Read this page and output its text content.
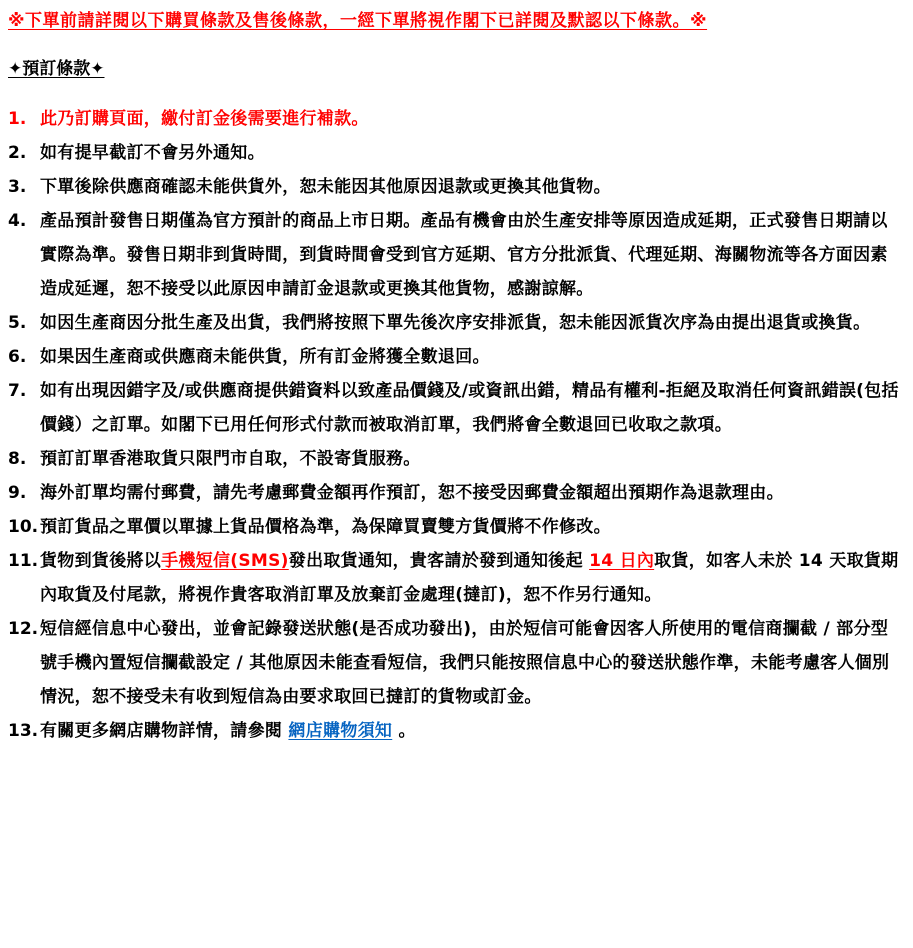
※下單前請詳閱以下購買條款及售後條款，一經下單將視作閣下已詳閱及默認以下條款。※

✦預訂條款✦

1. 此乃訂購頁面，繳付訂金後需要進行補款。
2. 如有提早截訂不會另外通知。
3. 下單後除供應商確認未能供貨外，恕未能因其他原因退款或更換其他貨物。
4. 產品預計發售日期僅為官方預計的商品上市日期。產品有機會由於生產安排等原因造成延期，正式發售日期請以實際為準。發售日期非到貨時間，到貨時間會受到官方延期、官方分批派貨、代理延期、海關物流等各方面因素造成延遲，恕不接受以此原因申請訂金退款或更換其他貨物，感謝諒解。
5. 如因生產商因分批生產及出貨，我們將按照下單先後次序安排派貨，恕未能因派貨次序為由提出退貨或換貨。
6. 如果因生產商或供應商未能供貨，所有訂金將獲全數退回。
7. 如有出現因錯字及/或供應商提供錯資料以致產品價錢及/或資訊出錯，精品有權利-拒絕及取消任何資訊錯誤(包括價錢）之訂單。如閣下已用任何形式付款而被取消訂單，我們將會全數退回已收取之款項。
8. 預訂訂單香港取貨只限門市自取，不設寄貨服務。
9. 海外訂單均需付郵費，請先考慮郵費金額再作預訂，恕不接受因郵費金額超出預期作為退款理由。
10. 預訂貨品之單價以單據上貨品價格為準，為保障買賣雙方貨價將不作修改。
11. 貨物到貨後將以手機短信(SMS)發出取貨通知，貴客請於發到通知後起 14 日內取貨，如客人未於 14 天取貨期內取貨及付尾款，將視作貴客取消訂單及放棄訂金處理(撻訂)，恕不作另行通知。
12. 短信經信息中心發出，並會記錄發送狀態(是否成功發出)，由於短信可能會因客人所使用的電信商攔截 / 部分型號手機內置短信攔截設定 / 其他原因未能查看短信，我們只能按照信息中心的發送狀態作準，未能考慮客人個別情況，恕不接受未有收到短信為由要求取回已撻訂的貨物或訂金。
13. 有關更多網店購物詳情，請參閱 網店購物須知 。
